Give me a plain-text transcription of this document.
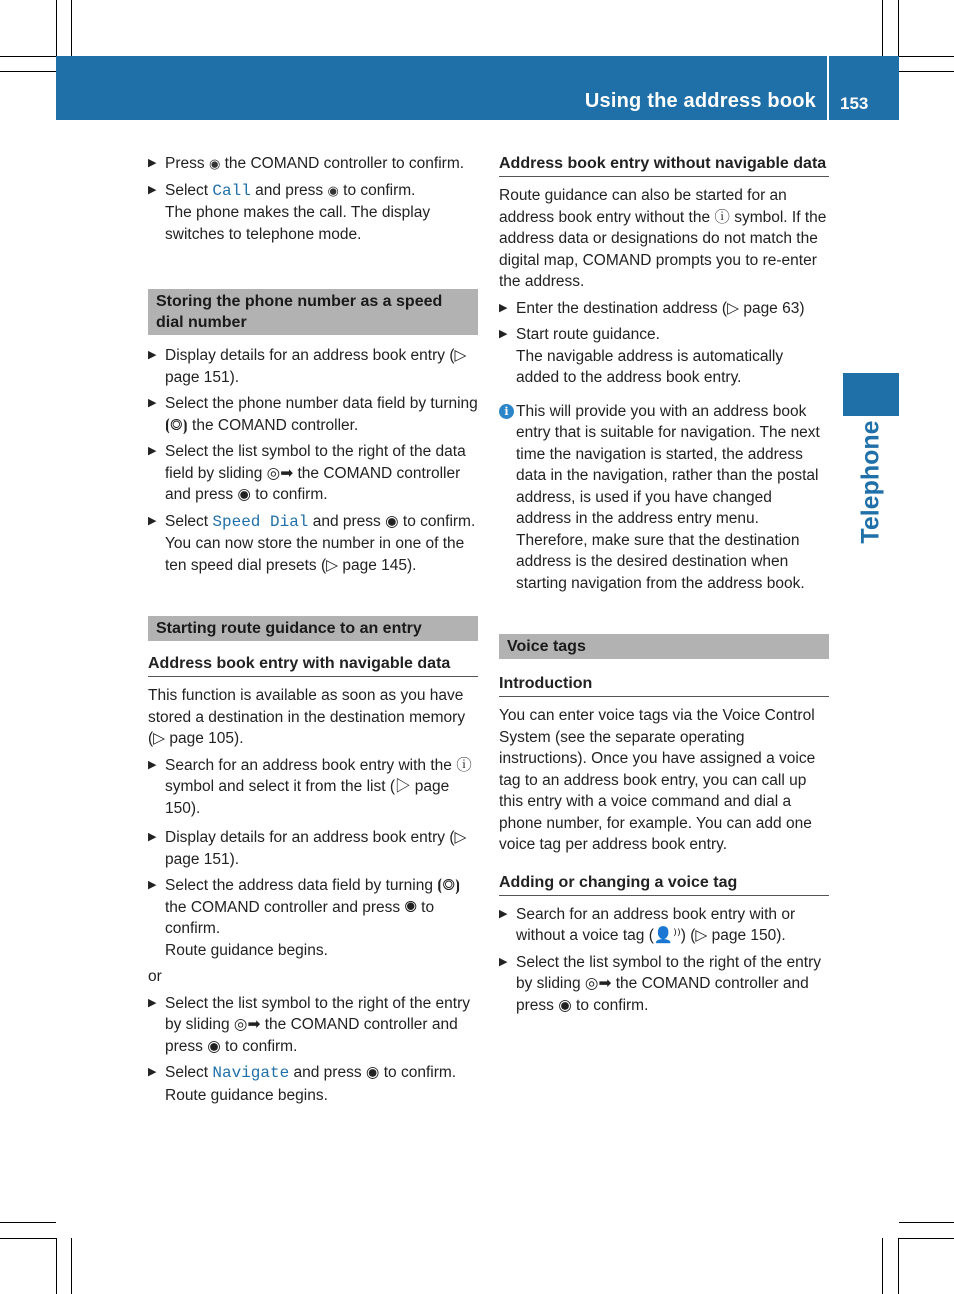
Using the address book 153
Telephone
▶ Press ◉ the COMAND controller to confirm.
▶ Select Call and press ◉ to confirm.
The phone makes the call. The display switches to telephone mode.
Storing the phone number as a speed dial number
▶ Display details for an address book entry (▷ page 151).
▶ Select the phone number data field by turning ⦗◎⦘ the COMAND controller.
▶ Select the list symbol to the right of the data field by sliding ◎➡ the COMAND controller and press ◉ to confirm.
▶ Select Speed Dial and press ◉ to confirm.
You can now store the number in one of the ten speed dial presets (▷ page 145).
Starting route guidance to an entry
Address book entry with navigable data

This function is available as soon as you have stored a destination in the destination memory (▷ page 105).

▶ Search for an address book entry with the ⓘ symbol and select it from the list (▷ page 150).
▶ Display details for an address book entry (▷ page 151).
▶ Select the address data field by turning ⦗◎⦘ the COMAND controller and press ◉ to confirm.
Route guidance begins.

or

▶ Select the list symbol to the right of the entry by sliding ◎➡ the COMAND controller and press ◉ to confirm.
▶ Select Navigate and press ◉ to confirm.
Route guidance begins.
Address book entry without navigable data

Route guidance can also be started for an address book entry without the ⓘ symbol. If the address data or designations do not match the digital map, COMAND prompts you to re-enter the address.

▶ Enter the destination address (▷ page 63)
▶ Start route guidance.
The navigable address is automatically added to the address book entry.
i This will provide you with an address book entry that is suitable for navigation. The next time the navigation is started, the address data in the navigation, rather than the postal address, is used if you have changed address in the address entry menu. Therefore, make sure that the destination address is the desired destination when starting navigation from the address book.
Voice tags
Introduction

You can enter voice tags via the Voice Control System (see the separate operating instructions). Once you have assigned a voice tag to an address book entry, you can call up this entry with a voice command and dial a phone number, for example. You can add one voice tag per address book entry.

Adding or changing a voice tag
▶ Search for an address book entry with or without a voice tag (👤⁾⁾) (▷ page 150).
▶ Select the list symbol to the right of the entry by sliding ◎➡ the COMAND controller and press ◉ to confirm.
